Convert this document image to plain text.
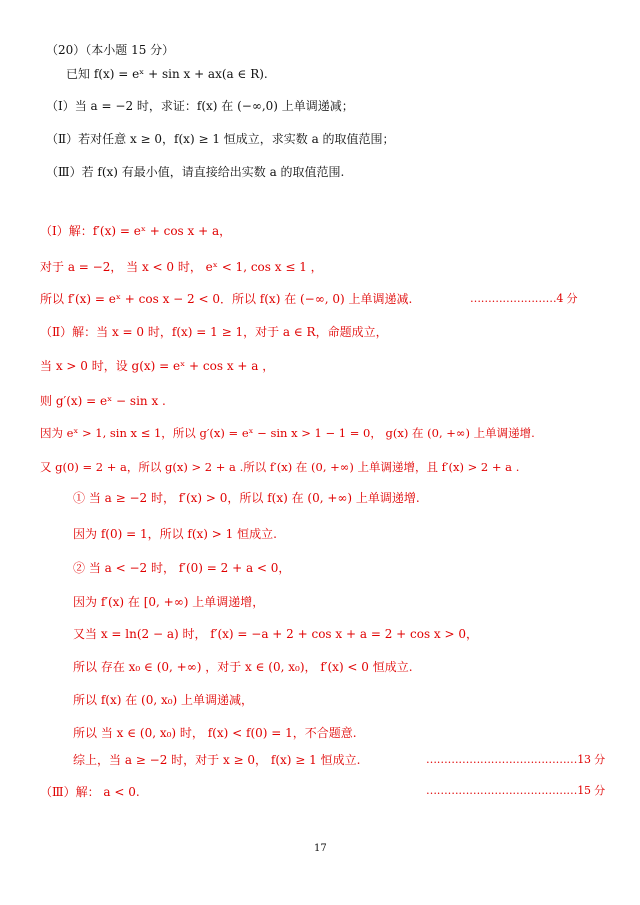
（20）（本小题 15 分）
已知 f(x) = eˣ + sin x + ax(a ∈ R).
（Ⅰ）当 a = −2 时，求证：f(x) 在 (−∞,0) 上单调递减；
（Ⅱ）若对任意 x ≥ 0，f(x) ≥ 1 恒成立，求实数 a 的取值范围；
（Ⅲ）若 f(x) 有最小值，请直接给出实数 a 的取值范围.
（Ⅰ）解：f′(x) = eˣ + cos x + a，
对于 a = −2， 当 x < 0 时， eˣ < 1, cos x ≤ 1 ，
所以 f′(x) = eˣ + cos x − 2 < 0．所以 f(x) 在 (−∞, 0) 上单调递减.	……………………4 分
（Ⅱ）解：当 x = 0 时，f(x) = 1 ≥ 1，对于 a ∈ R，命题成立，
当 x > 0 时，设 g(x) = eˣ + cos x + a ，
则 g′(x) = eˣ − sin x .
因为 eˣ > 1, sin x ≤ 1，所以 g′(x) = eˣ − sin x > 1 − 1 = 0， g(x) 在 (0, +∞) 上单调递增.
又 g(0) = 2 + a，所以 g(x) > 2 + a .所以 f′(x) 在 (0, +∞) 上单调递增，且 f′(x) > 2 + a .
① 当 a ≥ −2 时， f′(x) > 0，所以 f(x) 在 (0, +∞) 上单调递增.
因为 f(0) = 1，所以 f(x) > 1 恒成立.
② 当 a < −2 时， f′(0) = 2 + a < 0，
因为 f′(x) 在 [0, +∞) 上单调递增，
又当 x = ln(2 − a) 时， f′(x) = −a + 2 + cos x + a = 2 + cos x > 0，
所以 存在 x₀ ∈ (0, +∞) ，对于 x ∈ (0, x₀)， f′(x) < 0 恒成立.
所以 f(x) 在 (0, x₀) 上单调递减，
所以 当 x ∈ (0, x₀) 时， f(x) < f(0) = 1，不合题意.
综上，当 a ≥ −2 时，对于 x ≥ 0， f(x) ≥ 1 恒成立.	……………………………………13 分
（Ⅲ）解： a < 0.	……………………………………15 分
17
